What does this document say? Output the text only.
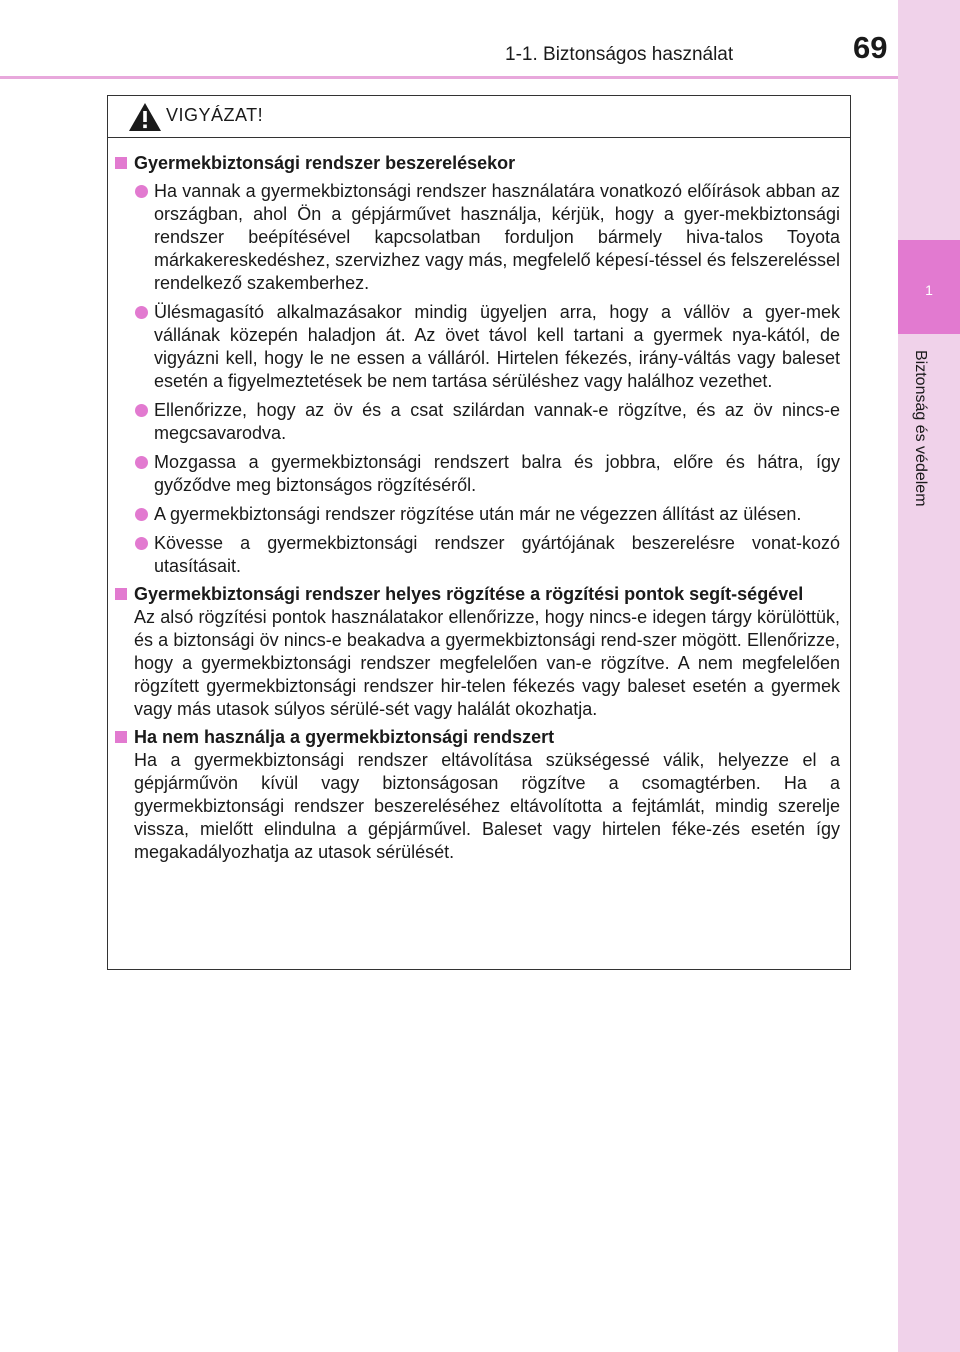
1-1. Biztonságos használat	69
1
Biztonság és védelem
VIGYÁZAT!
Gyermekbiztonsági rendszer beszerelésekor
Ha vannak a gyermekbiztonsági rendszer használatára vonatkozó előírások abban az országban, ahol Ön a gépjárművet használja, kérjük, hogy a gyer-mekbiztonsági rendszer beépítésével kapcsolatban forduljon bármely hiva-talos Toyota márkakereskedéshez, szervizhez vagy más, megfelelő képesí-téssel és felszereléssel rendelkező szakemberhez.
Ülésmagasító alkalmazásakor mindig ügyeljen arra, hogy a vállöv a gyer-mek vállának közepén haladjon át. Az övet távol kell tartani a gyermek nya-kától, de vigyázni kell, hogy le ne essen a válláról. Hirtelen fékezés, irány-váltás vagy baleset esetén a figyelmeztetések be nem tartása sérüléshez vagy halálhoz vezethet.
Ellenőrizze, hogy az öv és a csat szilárdan vannak-e rögzítve, és az öv nincs-e megcsavarodva.
Mozgassa a gyermekbiztonsági rendszert balra és jobbra, előre és hátra, így győződve meg biztonságos rögzítéséről.
A gyermekbiztonsági rendszer rögzítése után már ne végezzen állítást az ülésen.
Kövesse a gyermekbiztonsági rendszer gyártójának beszerelésre vonat-kozó utasításait.
Gyermekbiztonsági rendszer helyes rögzítése a rögzítési pontok segít-ségével
Az alsó rögzítési pontok használatakor ellenőrizze, hogy nincs-e idegen tárgy körülöttük, és a biztonsági öv nincs-e beakadva a gyermekbiztonsági rend-szer mögött. Ellenőrizze, hogy a gyermekbiztonsági rendszer megfelelően van-e rögzítve. A nem megfelelően rögzített gyermekbiztonsági rendszer hir-telen fékezés vagy baleset esetén a gyermek vagy más utasok súlyos sérülé-sét vagy halálát okozhatja.
Ha nem használja a gyermekbiztonsági rendszert
Ha a gyermekbiztonsági rendszer eltávolítása szükségessé válik, helyezze el a gépjárművön kívül vagy biztonságosan rögzítve a csomagtérben. Ha a gyermekbiztonsági rendszer beszereléséhez eltávolította a fejtámlát, mindig szerelje vissza, mielőtt elindulna a gépjárművel. Baleset vagy hirtelen féke-zés esetén így megakadályozhatja az utasok sérülését.
